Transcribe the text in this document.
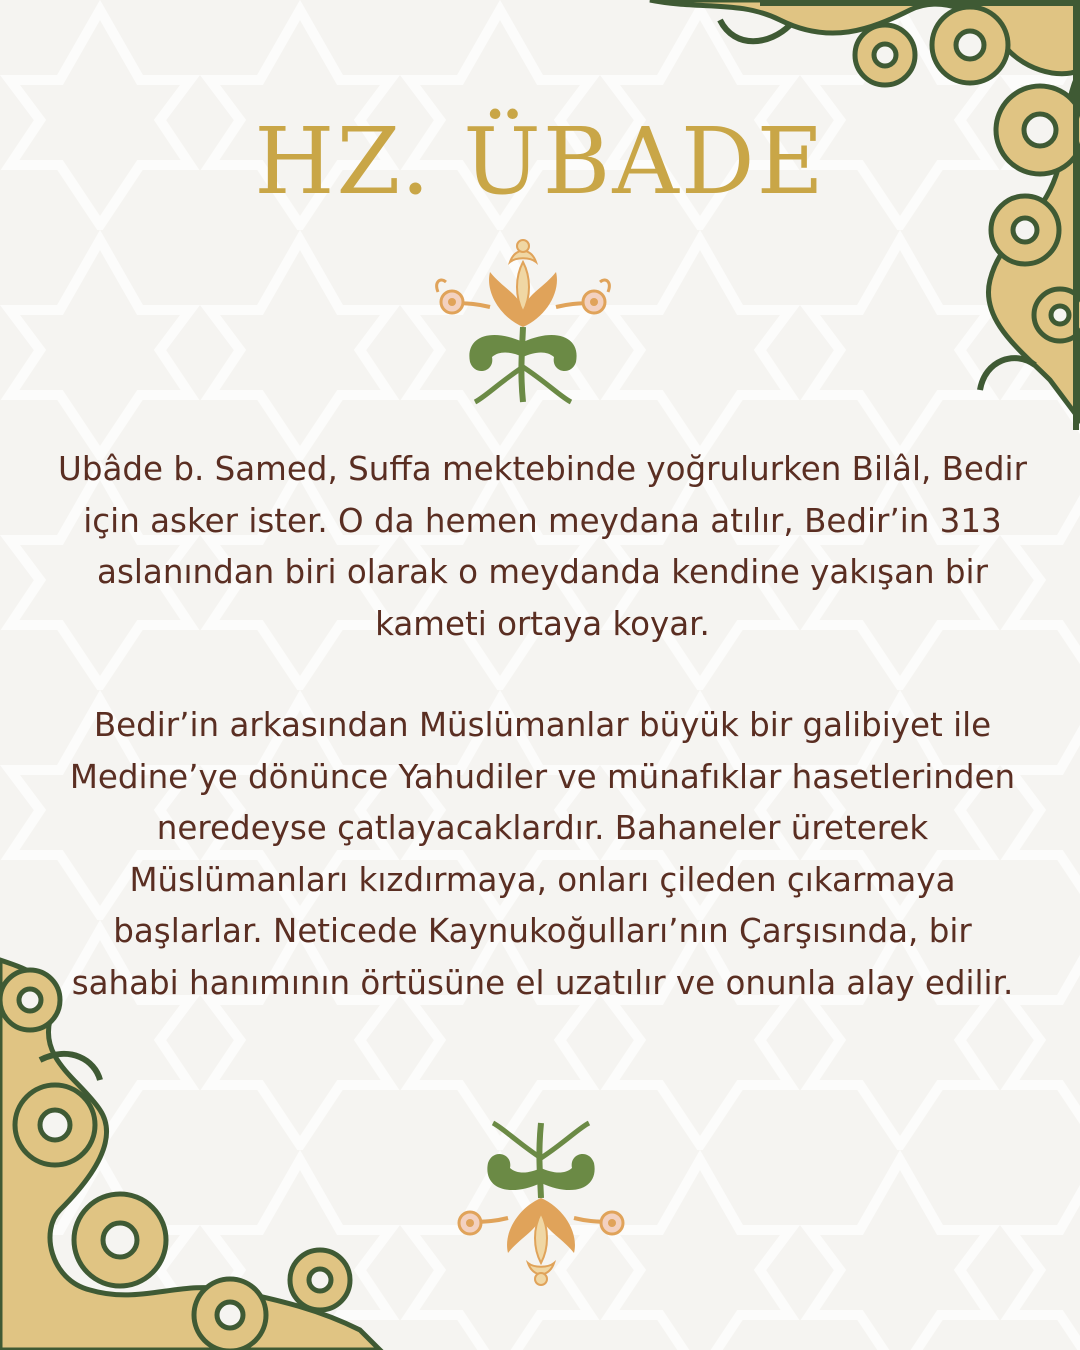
HZ. ÜBADE

Ubâde b. Samed, Suffa mektebinde yoğrulurken Bilâl, Bedir için asker ister. O da hemen meydana atılır, Bedir’in 313 aslanından biri olarak o meydanda kendine yakışan bir kameti ortaya koyar.

Bedir’in arkasından Müslümanlar büyük bir galibiyet ile Medine’ye dönünce Yahudiler ve münafıklar hasetlerinden neredeyse çatlayacaklardır. Bahaneler üreterek Müslümanları kızdırmaya, onları çileden çıkarmaya başlarlar. Neticede Kaynukoğulları’nın Çarşısında, bir sahabi hanımının örtüsüne el uzatılır ve onunla alay edilir.
